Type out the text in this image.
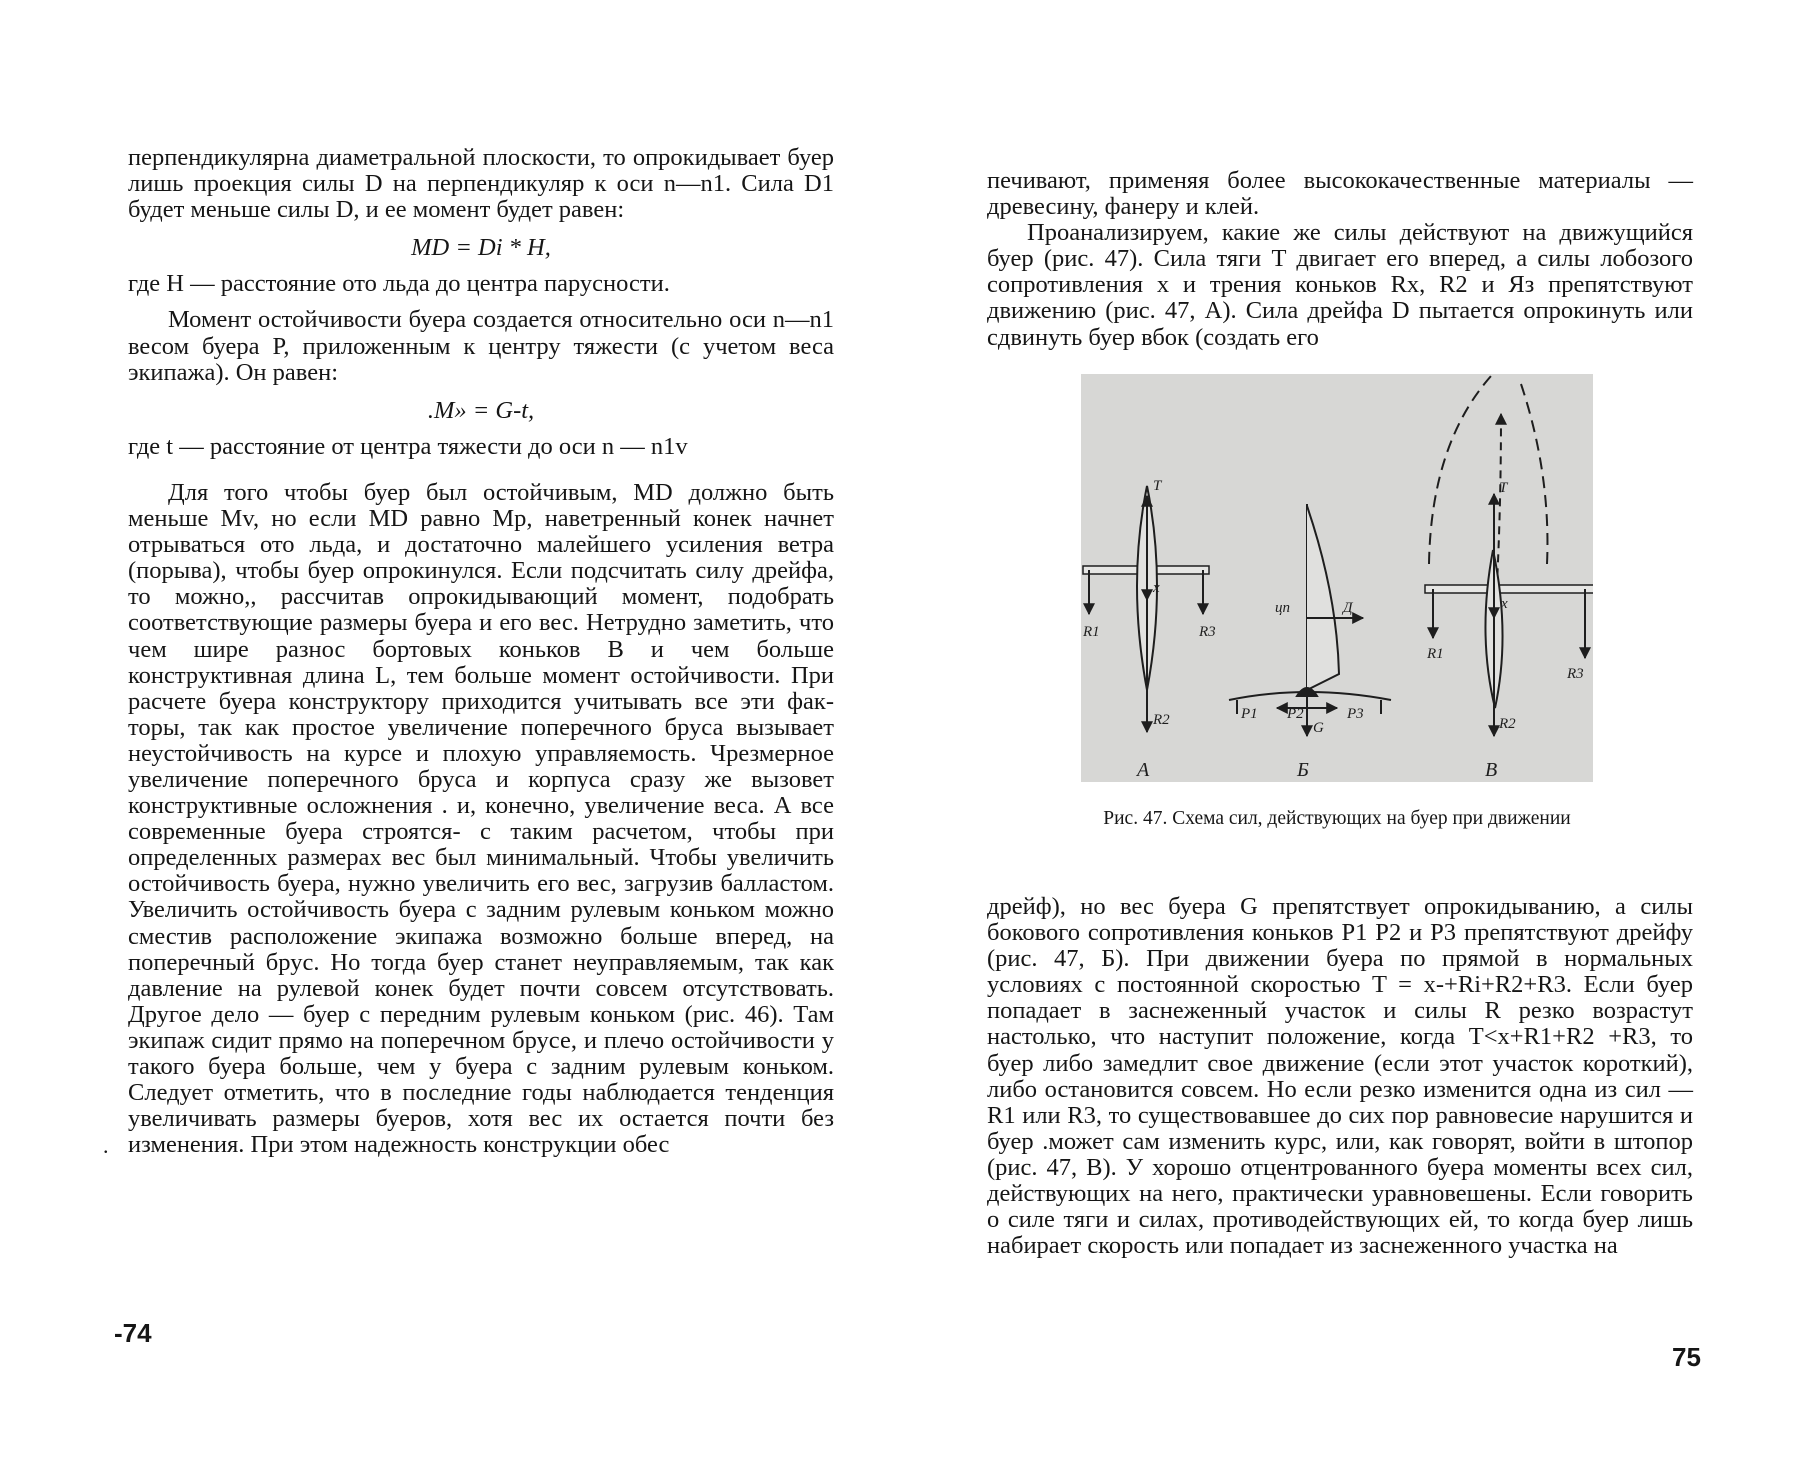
перпендикулярна диаметральной плоскости, то опрокидывает буер лишь проекция силы D на перпендикуляр к оси n—n1. Сила D1 будет меньше силы D, и ее момент будет равен:

MD = Di * H,

где H — расстояние ото льда до центра парусности.

Момент остойчивости буера создается относительно оси n—n1 весом буера P, приложенным к центру тяжести (с учетом веса экипажа). Он равен:

.M» = G-t,

где t — расстояние от центра тяжести до оси n — n1v

Для того чтобы буер был остойчивым, MD должно быть меньше Mv, но если MD равно Mp, наветренный конек начнет отрываться ото льда, и достаточно малейшего усиления ветра (порыва), чтобы буер опрокинулся. Если подсчитать силу дрейфа, то можно,, рассчитав опрокидывающий момент, подобрать соответствующие размеры буера и его вес. Нетрудно заметить, что чем шире разнос бортовых коньков B и чем больше конструктивная длина L, тем больше момент остойчивости. При расчете буера конструктору приходится учитывать все эти факторы, так как простое увеличение поперечного бруса вызывает неустойчивость на курсе и плохую управляемость. Чрезмерное увеличение поперечного бруса и корпуса сразу же вызовет конструктивные осложнения . и, конечно, увеличение веса. А все современные буера строятся- с таким расчетом, чтобы при определенных размерах вес был минимальный. Чтобы увеличить остойчивость буера, нужно увеличить его вес, загрузив балластом. Увеличить остойчивость буера с задним рулевым коньком можно сместив расположение экипажа возможно больше вперед, на поперечный брус. Но тогда буер станет неуправляемым, так как давление на рулевой конек будет почти совсем отсутствовать. Другое дело — буер с передним рулевым коньком (рис. 46). Там экипаж сидит прямо на поперечном брусе, и плечо остойчивости у такого буера больше, чем у буера с задним рулевым коньком. Следует отметить, что в последние годы наблюдается тенденция увеличивать размеры буеров, хотя вес их остается почти без изменения. При этом надежность конструкции обес

.
-74

печивают, применяя более высококачественные материалы — древесину, фанеру и клей.

Проанализируем, какие же силы действуют на движущийся буер (рис. 47). Сила тяги T двигает его вперед, а силы лобозого сопротивления x и трения коньков Rx, R2 и Яз препятствуют движению (рис. 47, А). Сила дрейфа D пытается опрокинуть или сдвинуть буер вбок (создать его

T
x
R1	R3
R2
А
цп	Д
P1 P2	P3
G
Б
T
x
R1
R3
R2
В
Рис. 47. Схема сил, действующих на буер при движении

дрейф), но вес буера G препятствует опрокидыванию, а силы бокового сопротивления коньков P1 P2 и P3 препятствуют дрейфу (рис. 47, Б). При движении буера по прямой в нормальных условиях с постоянной скоростью T = x-+Ri+R2+R3. Если буер попадает в заснеженный участок и силы R резко возрастут настолько, что наступит положение, когда T<x+R1+R2 +R3, то буер либо замедлит свое движение (если этот участок короткий), либо остановится совсем. Но если резко изменится одна из сил — R1 или R3, то существовавшее до сих пор равновесие нарушится и буер .может сам изменить курс, или, как говорят, войти в штопор (рис. 47, В). У хорошо отцентрованного буера моменты всех сил, действующих на него, практически уравновешены. Если говорить о силе тяги и силах, противодействующих ей, то когда буер лишь набирает скорость или попадает из заснеженного участка на

75
